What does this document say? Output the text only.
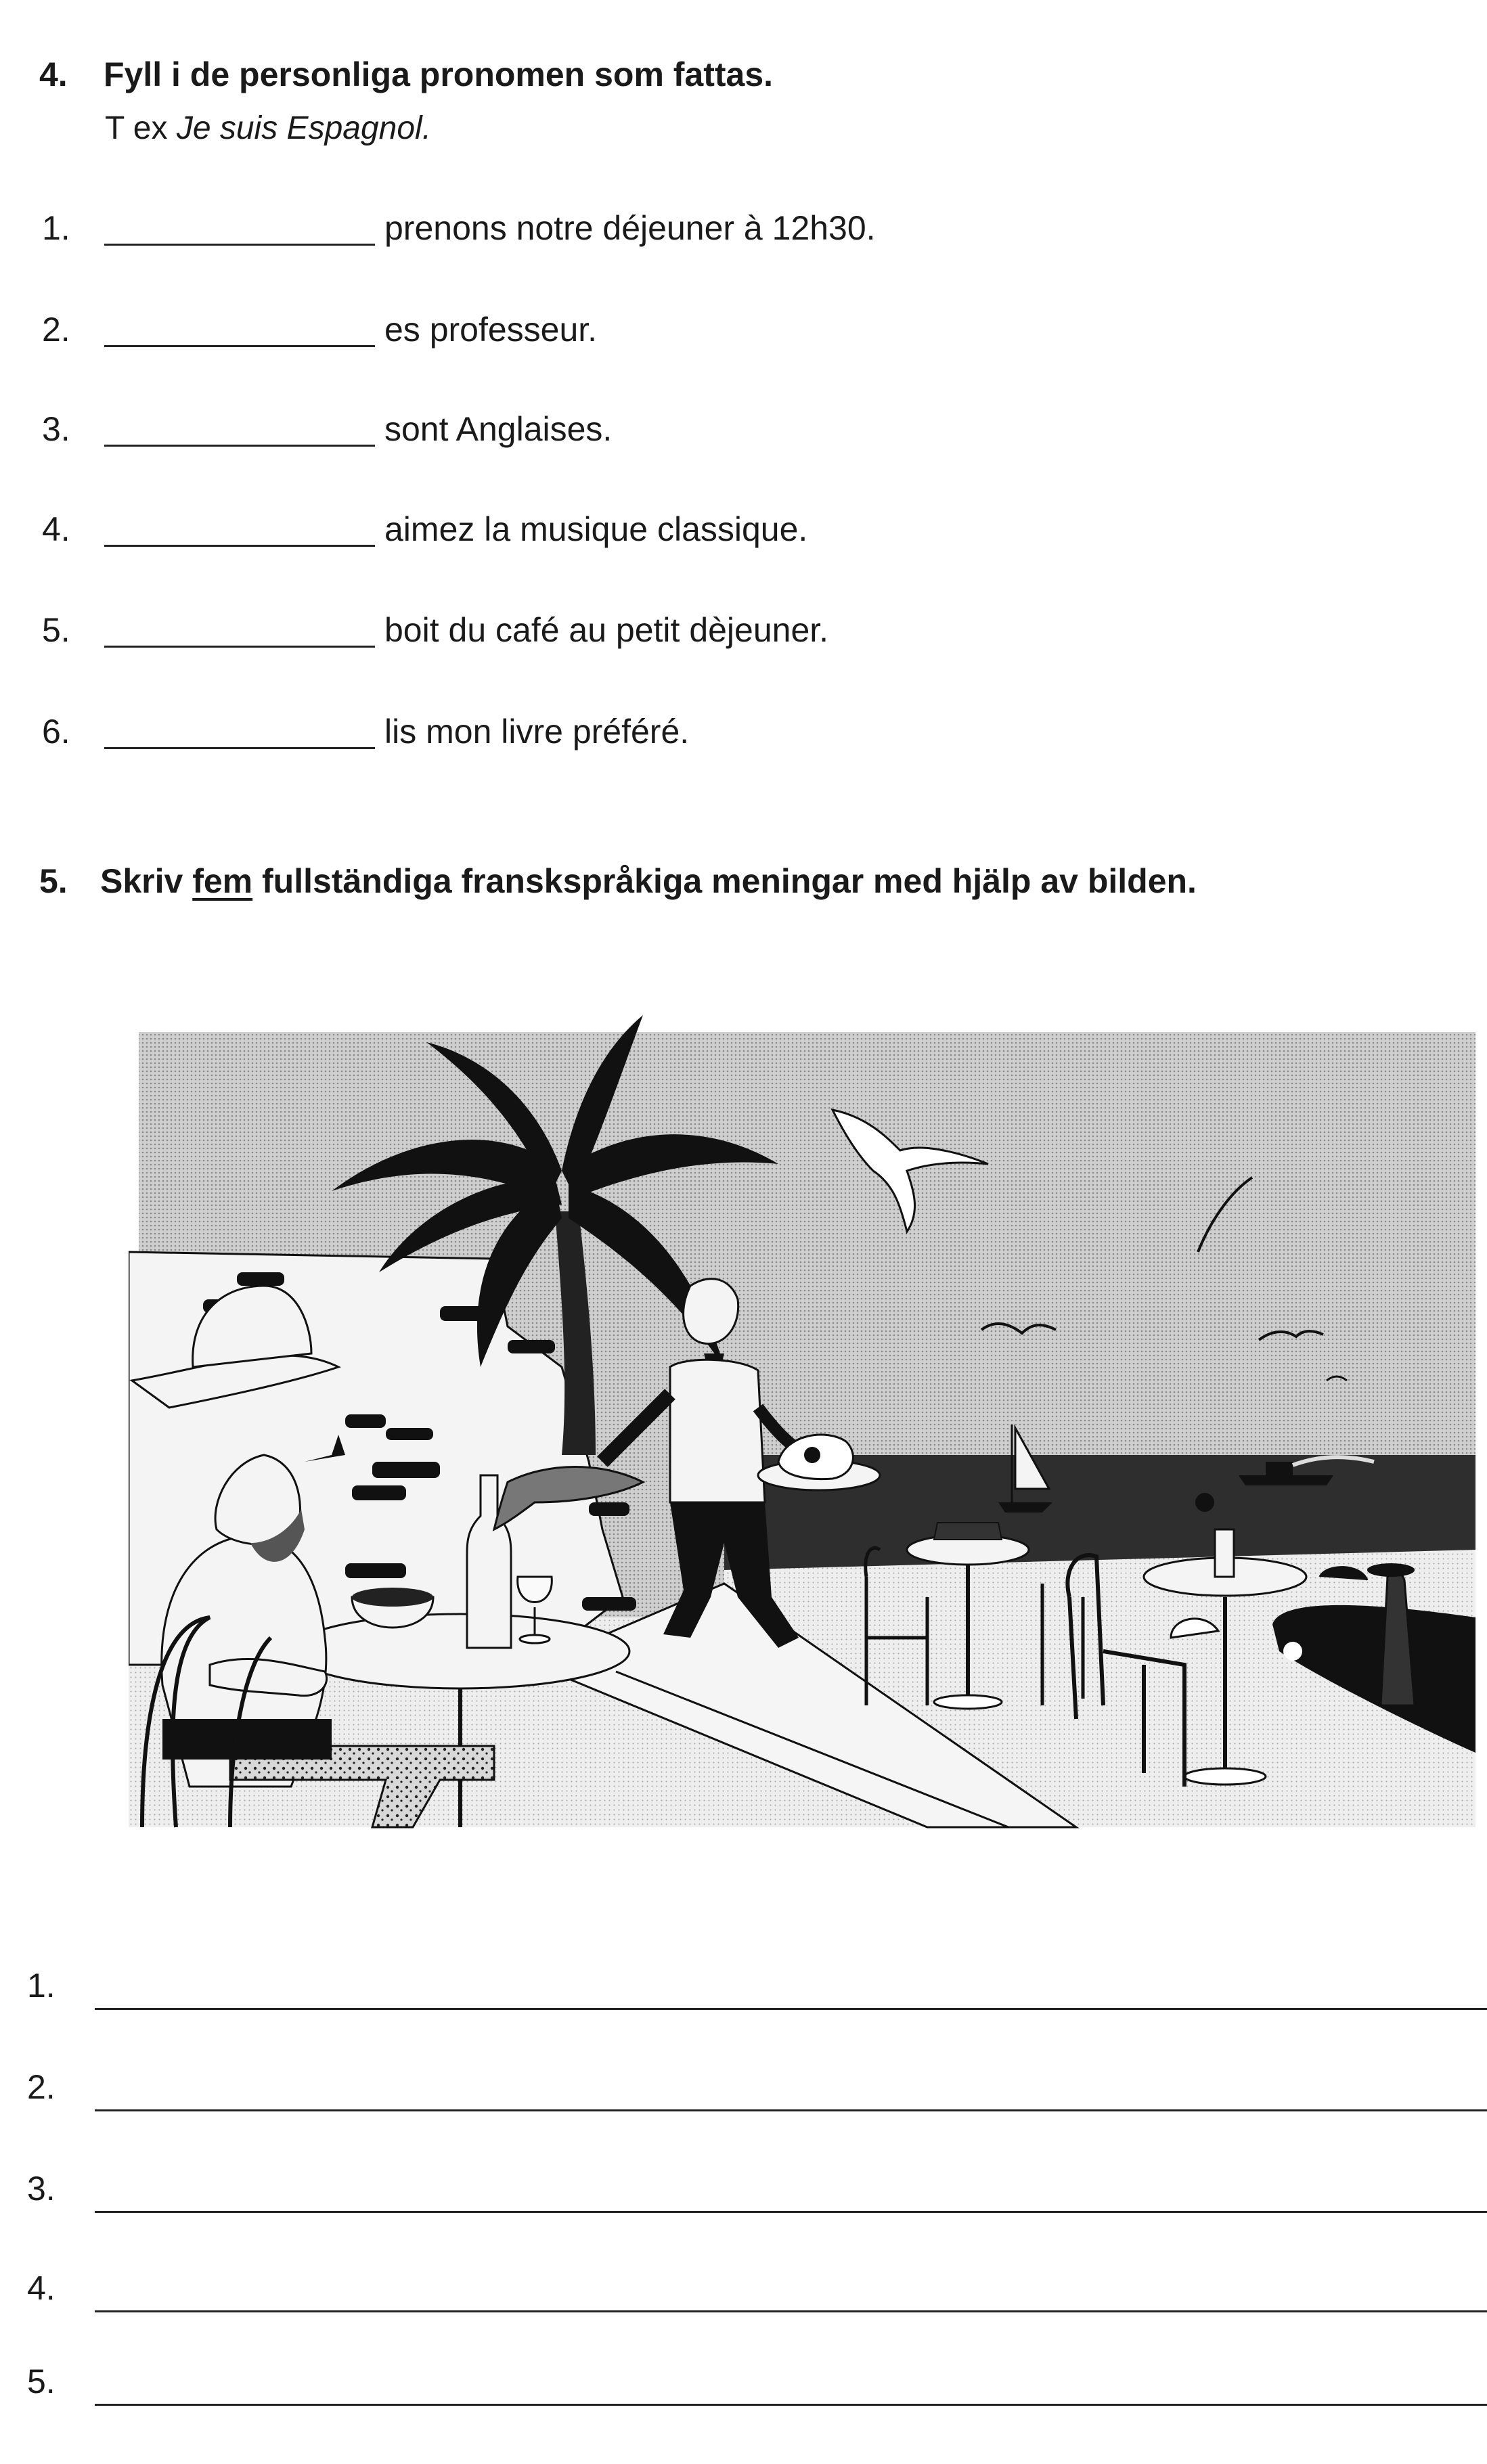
4. Fyll i de personliga pronomen som fattas.
T ex Je suis Espagnol.
1.	prenons notre déjeuner à 12h30.
2.	es professeur.
3.	sont Anglaises.
4.	aimez la musique classique.
5.	boit du café au petit dèjeuner.
6.	lis mon livre préféré.
5. Skriv fem fullständiga franskspråkiga meningar med hjälp av bilden.
1.
2.
3.
4.
5.
